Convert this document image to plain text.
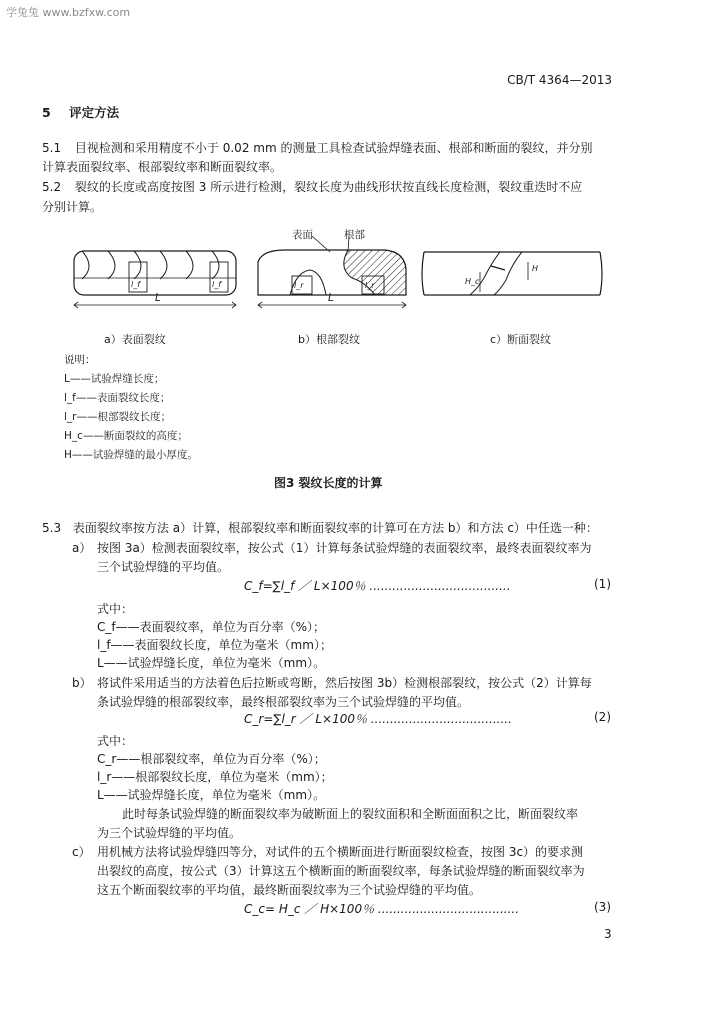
学兔兔 www.bzfxw.com
CB/T 4364—2013
5 评定方法
5.1 目视检测和采用精度不小于 0.02 mm 的测量工具检查试验焊缝表面、根部和断面的裂纹，并分别
计算表面裂纹率、根部裂纹率和断面裂纹率。
5.2 裂纹的长度或高度按图 3 所示进行检测，裂纹长度为曲线形状按直线长度检测，裂纹重迭时不应
分别计算。
表面	根部
L
l_f	l_f
L
l_r	l_r	H_c
H
a）表面裂纹	b）根部裂纹	c）断面裂纹
说明：
L——试验焊缝长度；
l_f——表面裂纹长度；
l_r——根部裂纹长度；
H_c——断面裂纹的高度；
H——试验焊缝的最小厚度。
图3 裂纹长度的计算
5.3 表面裂纹率按方法 a）计算，根部裂纹率和断面裂纹率的计算可在方法 b）和方法 c）中任选一种：
a） 按图 3a）检测表面裂纹率，按公式（1）计算每条试验焊缝的表面裂纹率，最终表面裂纹率为
三个试验焊缝的平均值。
C_f=∑l_f ／ L×100％ .....................................	(1)
式中：
C_f——表面裂纹率，单位为百分率（%）；
l_f——表面裂纹长度，单位为毫米（mm）；
L——试验焊缝长度，单位为毫米（mm）。
b） 将试件采用适当的方法着色后拉断或弯断，然后按图 3b）检测根部裂纹，按公式（2）计算每
条试验焊缝的根部裂纹率，最终根部裂纹率为三个试验焊缝的平均值。
C_r=∑l_r ／ L×100％ .....................................	(2)
式中：
C_r——根部裂纹率，单位为百分率（%）；
l_r——根部裂纹长度，单位为毫米（mm）；
L——试验焊缝长度，单位为毫米（mm）。
此时每条试验焊缝的断面裂纹率为破断面上的裂纹面积和全断面面积之比，断面裂纹率
为三个试验焊缝的平均值。
c） 用机械方法将试验焊缝四等分，对试件的五个横断面进行断面裂纹检查，按图 3c）的要求测
出裂纹的高度，按公式（3）计算这五个横断面的断面裂纹率，每条试验焊缝的断面裂纹率为
这五个断面裂纹率的平均值，最终断面裂纹率为三个试验焊缝的平均值。
C_c= H_c ／ H×100％ .....................................	(3)
3
